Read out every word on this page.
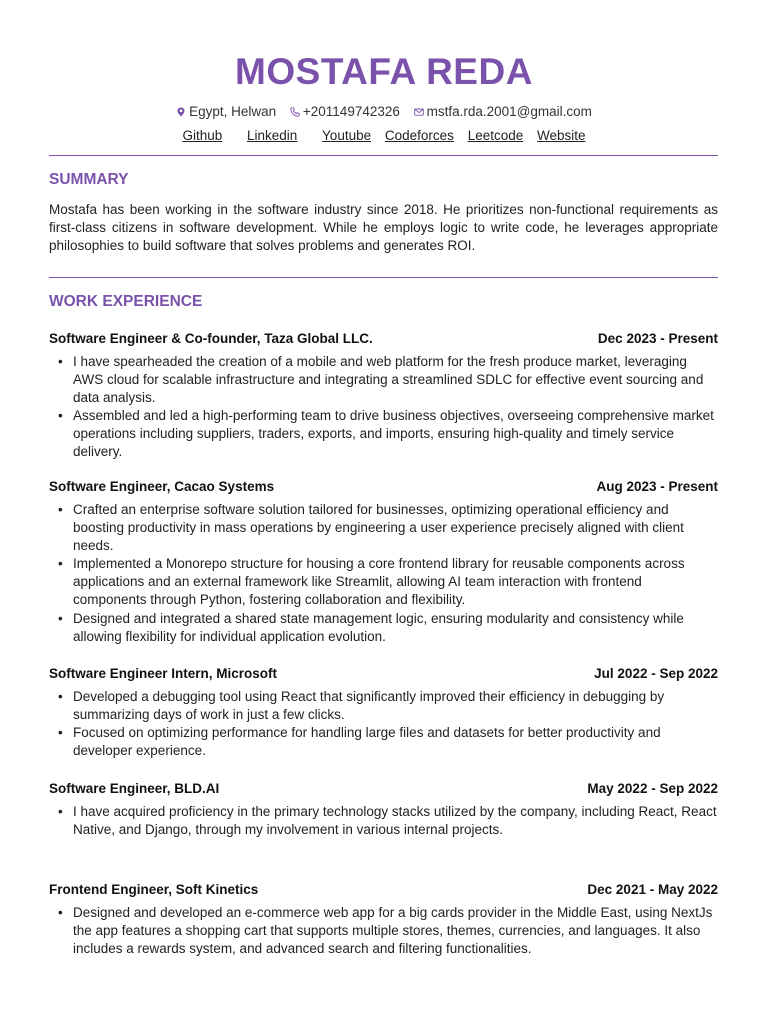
MOSTAFA REDA
Egypt, Helwan +201149742326 mstfa.rda.2001@gmail.com
Github Linkedin Youtube Codeforces Leetcode Website
SUMMARY
Mostafa has been working in the software industry since 2018. He prioritizes non-functional requirements as first-class citizens in software development. While he employs logic to write code, he leverages appropriate philosophies to build software that solves problems and generates ROI.
WORK EXPERIENCE
Software Engineer & Co-founder, Taza Global LLC.	Dec 2023 - Present
• I have spearheaded the creation of a mobile and web platform for the fresh produce market, leveraging AWS cloud for scalable infrastructure and integrating a streamlined SDLC for effective event sourcing and data analysis.
• Assembled and led a high-performing team to drive business objectives, overseeing comprehensive market operations including suppliers, traders, exports, and imports, ensuring high-quality and timely service delivery.
Software Engineer, Cacao Systems	Aug 2023 - Present
• Crafted an enterprise software solution tailored for businesses, optimizing operational efficiency and boosting productivity in mass operations by engineering a user experience precisely aligned with client needs.
• Implemented a Monorepo structure for housing a core frontend library for reusable components across applications and an external framework like Streamlit, allowing AI team interaction with frontend components through Python, fostering collaboration and flexibility.
• Designed and integrated a shared state management logic, ensuring modularity and consistency while allowing flexibility for individual application evolution.
Software Engineer Intern, Microsoft	Jul 2022 - Sep 2022
• Developed a debugging tool using React that significantly improved their efficiency in debugging by summarizing days of work in just a few clicks.
• Focused on optimizing performance for handling large files and datasets for better productivity and developer experience.
Software Engineer, BLD.AI	May 2022 - Sep 2022
• I have acquired proficiency in the primary technology stacks utilized by the company, including React, React Native, and Django, through my involvement in various internal projects.
Frontend Engineer, Soft Kinetics	Dec 2021 - May 2022
• Designed and developed an e-commerce web app for a big cards provider in the Middle East, using NextJs the app features a shopping cart that supports multiple stores, themes, currencies, and languages. It also includes a rewards system, and advanced search and filtering functionalities.
